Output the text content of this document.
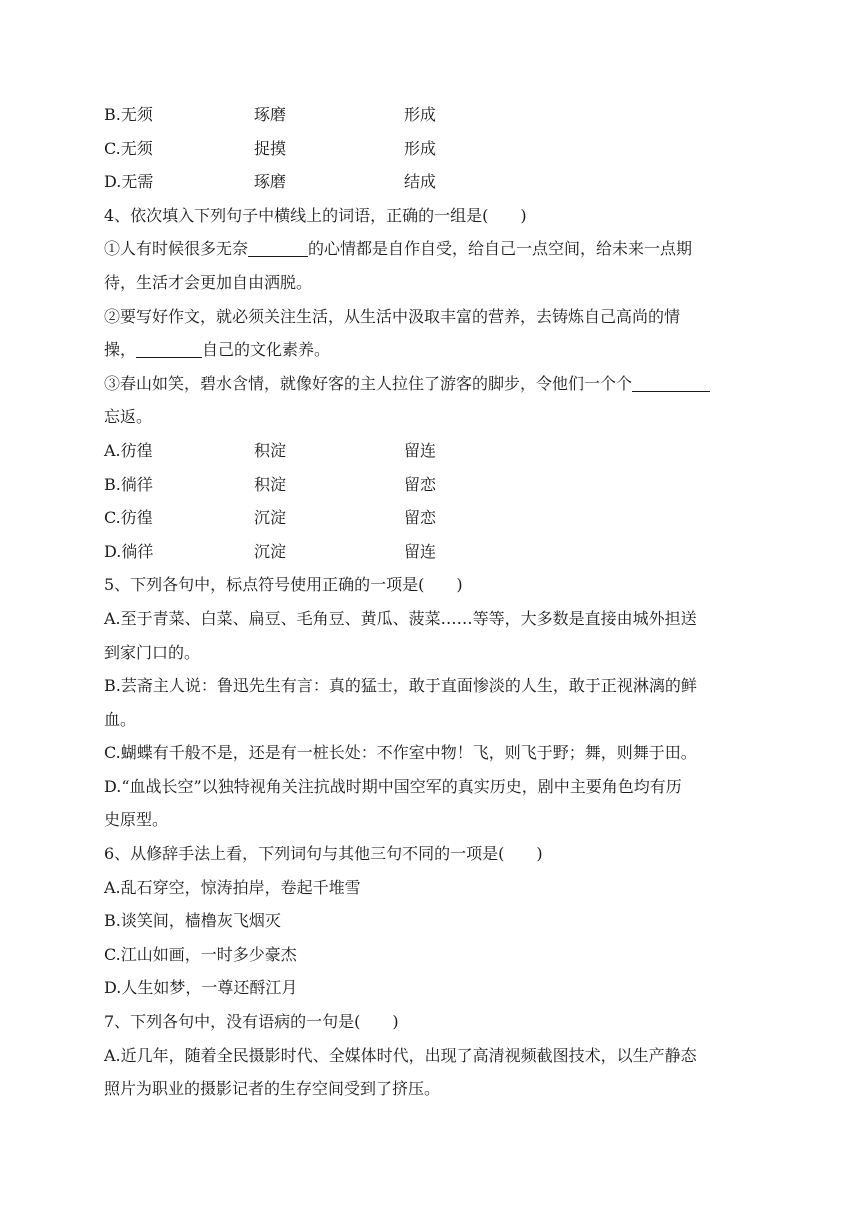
B.无须	琢磨	形成
C.无须	捉摸	形成
D.无需	琢磨	结成
4、依次填入下列句子中横线上的词语，正确的一组是(　　)
①人有时候很多无奈	的心情都是自作自受，给自己一点空间，给未来一点期
待，生活才会更加自由洒脱。
②要写好作文，就必须关注生活，从生活中汲取丰富的营养，去铸炼自己高尚的情
操，	自己的文化素养。
③春山如笑，碧水含情，就像好客的主人拉住了游客的脚步，令他们一个个
忘返。
A.彷徨	积淀	留连
B.徜徉	积淀	留恋
C.彷徨	沉淀	留恋
D.徜徉	沉淀	留连
5、下列各句中，标点符号使用正确的一项是(　　)
A.至于青菜、白菜、扁豆、毛角豆、黄瓜、菠菜……等等，大多数是直接由城外担送
到家门口的。
B.芸斋主人说：鲁迅先生有言：真的猛士，敢于直面惨淡的人生，敢于正视淋漓的鲜
血。
C.蝴蝶有千般不是，还是有一桩长处：不作室中物！飞，则飞于野；舞，则舞于田。
D.“血战长空”以独特视角关注抗战时期中国空军的真实历史，剧中主要角色均有历
史原型。
6、从修辞手法上看，下列词句与其他三句不同的一项是(　　)
A.乱石穿空，惊涛拍岸，卷起千堆雪
B.谈笑间，樯橹灰飞烟灭
C.江山如画，一时多少豪杰
D.人生如梦，一尊还酹江月
7、下列各句中，没有语病的一句是(　　)
A.近几年，随着全民摄影时代、全媒体时代，出现了高清视频截图技术，以生产静态
照片为职业的摄影记者的生存空间受到了挤压。
